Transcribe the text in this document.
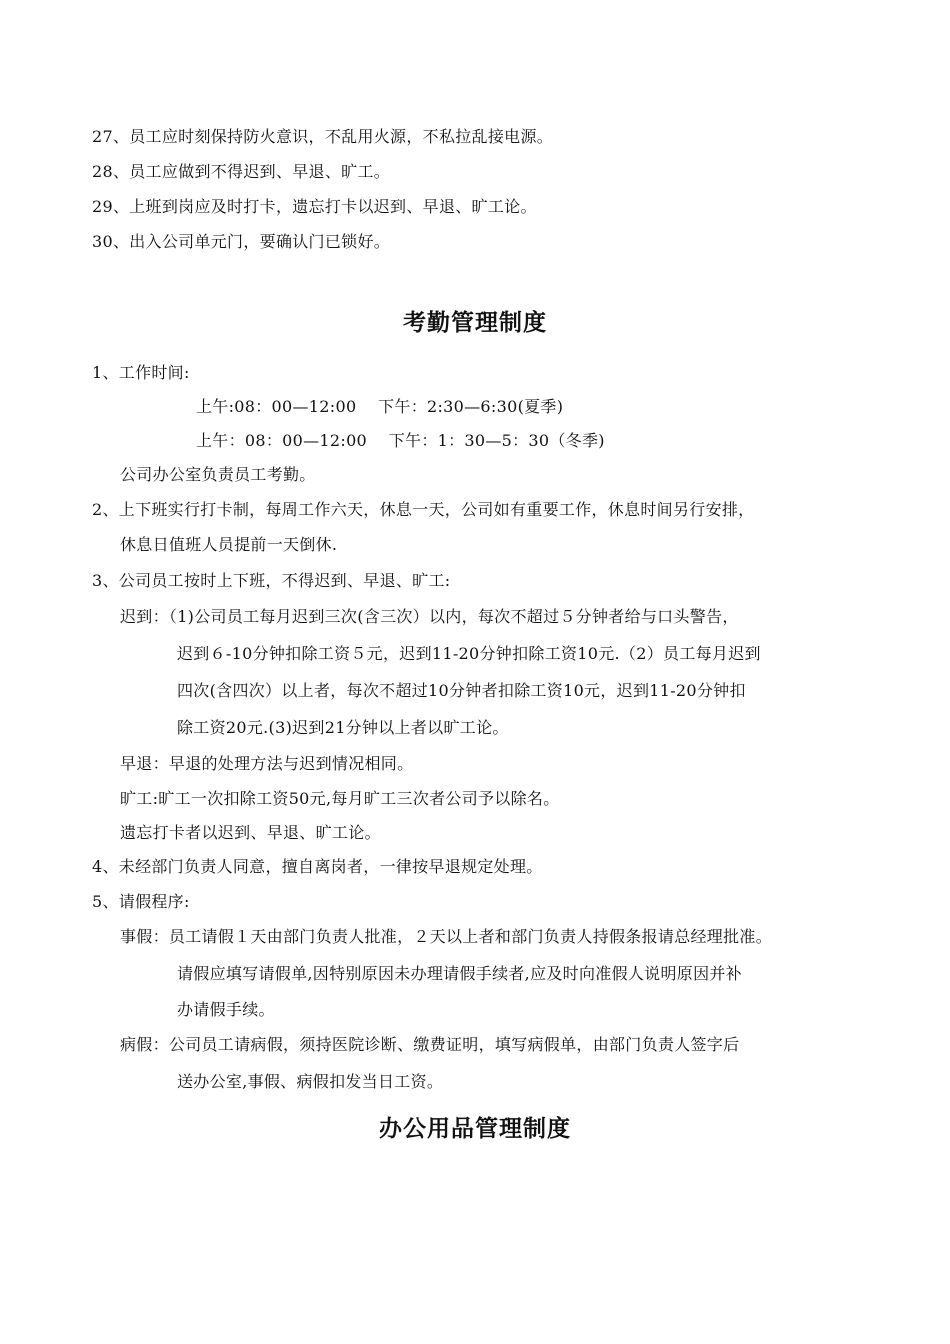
27、员工应时刻保持防火意识，不乱用火源，不私拉乱接电源。
28、员工应做到不得迟到、早退、旷工。
29、上班到岗应及时打卡，遗忘打卡以迟到、早退、旷工论。
30、出入公司单元门，要确认门已锁好。
考勤管理制度
1、工作时间:
上午:08：00—12:00　 下午：2:30—6:30(夏季)
上午：08：00—12:00　 下午：1：30—5：30（冬季)
公司办公室负责员工考勤。
2、上下班实行打卡制，每周工作六天，休息一天，公司如有重要工作，休息时间另行安排，
休息日值班人员提前一天倒休.
3、公司员工按时上下班，不得迟到、早退、旷工:
迟到：（1)公司员工每月迟到三次(含三次）以内，每次不超过５分钟者给与口头警告，
迟到６-10分钟扣除工资５元，迟到11-20分钟扣除工资10元.（2）员工每月迟到
四次(含四次）以上者，每次不超过10分钟者扣除工资10元，迟到11-20分钟扣
除工资20元.(3)迟到21分钟以上者以旷工论。
早退：早退的处理方法与迟到情况相同。
旷工:旷工一次扣除工资50元,每月旷工三次者公司予以除名。
遗忘打卡者以迟到、早退、旷工论。
4、未经部门负责人同意，擅自离岗者，一律按早退规定处理。
5、请假程序:
事假：员工请假１天由部门负责人批准，２天以上者和部门负责人持假条报请总经理批准。
请假应填写请假单,因特别原因未办理请假手续者,应及时向准假人说明原因并补
办请假手续。
病假：公司员工请病假，须持医院诊断、缴费证明，填写病假单，由部门负责人签字后
送办公室,事假、病假扣发当日工资。
办公用品管理制度
